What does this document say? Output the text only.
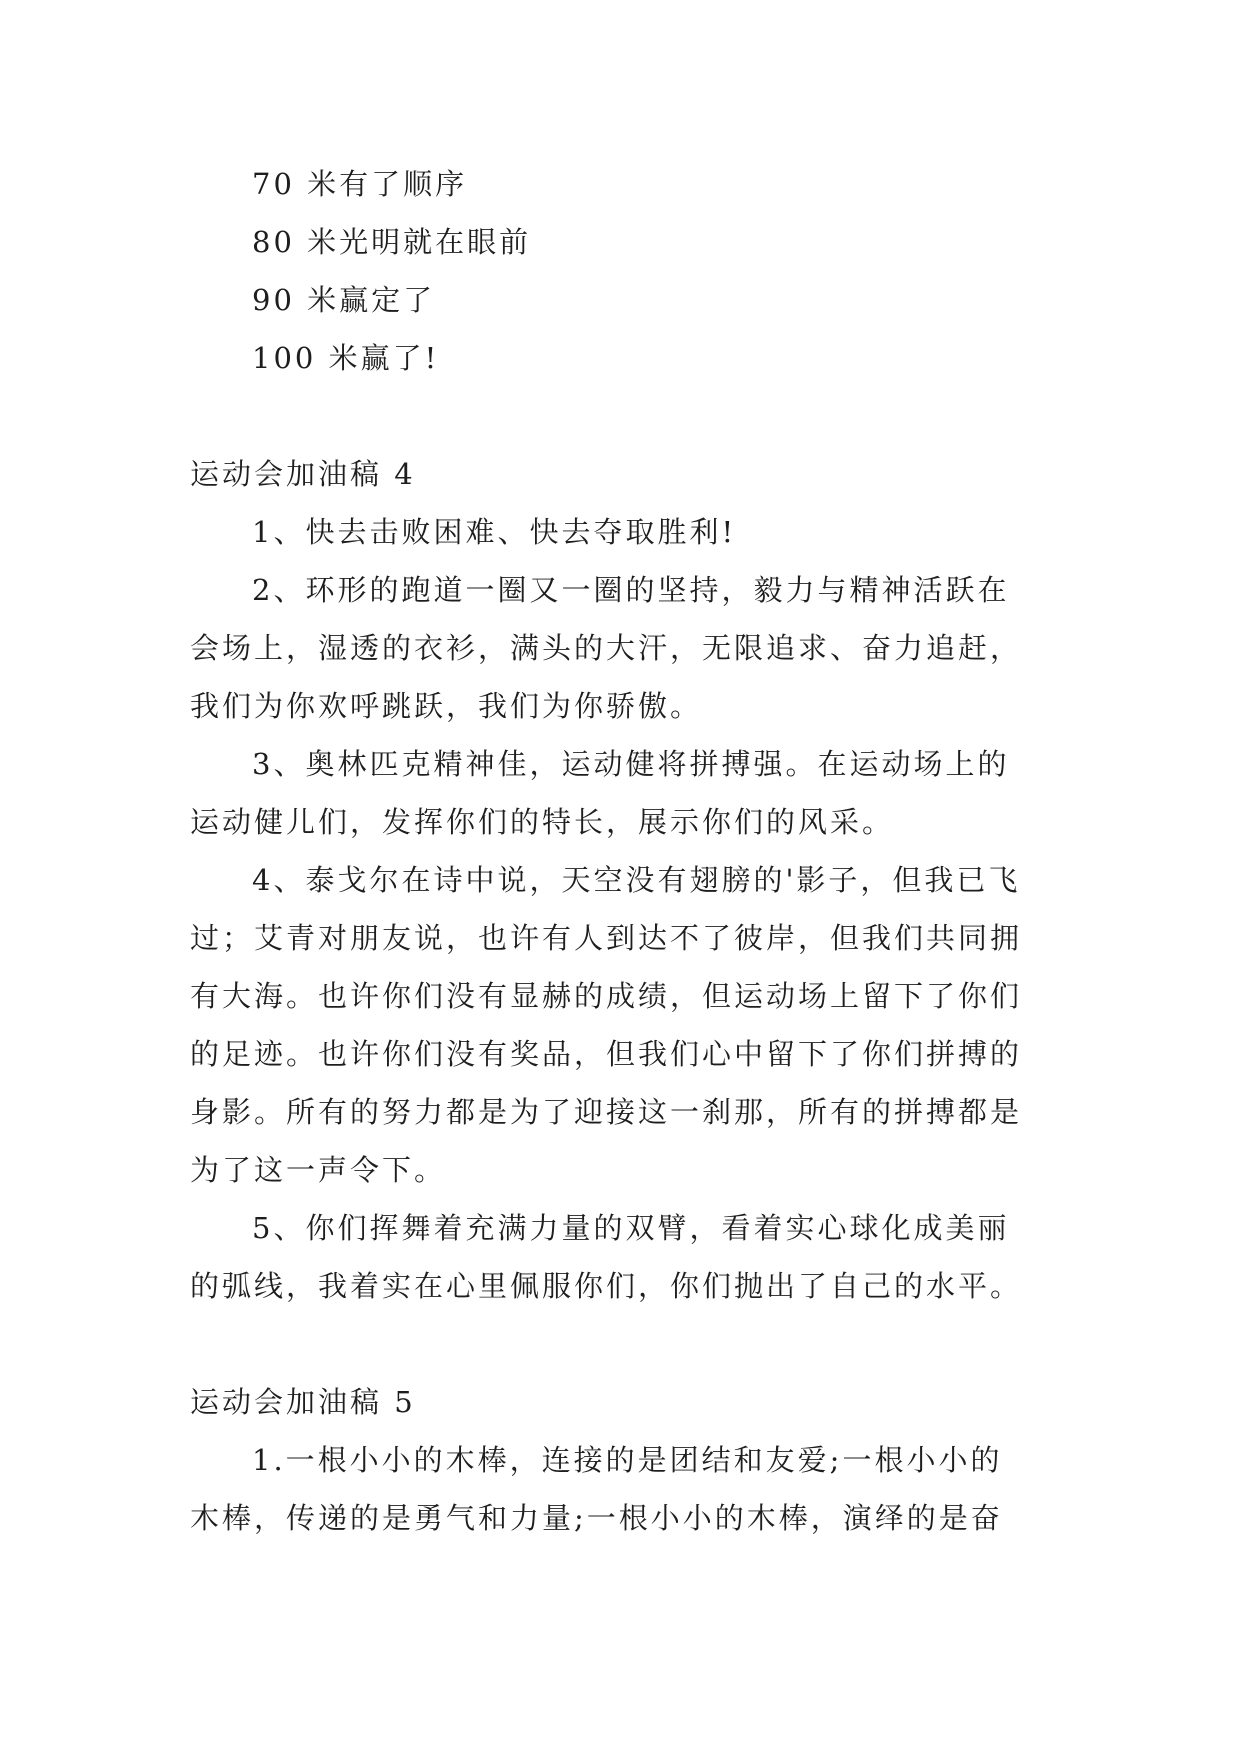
70 米有了顺序
80 米光明就在眼前
90 米赢定了
100 米赢了!
运动会加油稿 4
1、快去击败困难、快去夺取胜利!
2、环形的跑道一圈又一圈的坚持，毅力与精神活跃在
会场上，湿透的衣衫，满头的大汗，无限追求、奋力追赶，
我们为你欢呼跳跃，我们为你骄傲。
3、奥林匹克精神佳，运动健将拼搏强。在运动场上的
运动健儿们，发挥你们的特长，展示你们的风采。
4、泰戈尔在诗中说，天空没有翅膀的'影子，但我已飞
过；艾青对朋友说，也许有人到达不了彼岸，但我们共同拥
有大海。也许你们没有显赫的成绩，但运动场上留下了你们
的足迹。也许你们没有奖品，但我们心中留下了你们拼搏的
身影。所有的努力都是为了迎接这一刹那，所有的拼搏都是
为了这一声令下。
5、你们挥舞着充满力量的双臂，看着实心球化成美丽
的弧线，我着实在心里佩服你们，你们抛出了自己的水平。
运动会加油稿 5
1.一根小小的木棒，连接的是团结和友爱;一根小小的
木棒，传递的是勇气和力量;一根小小的木棒，演绎的是奋
